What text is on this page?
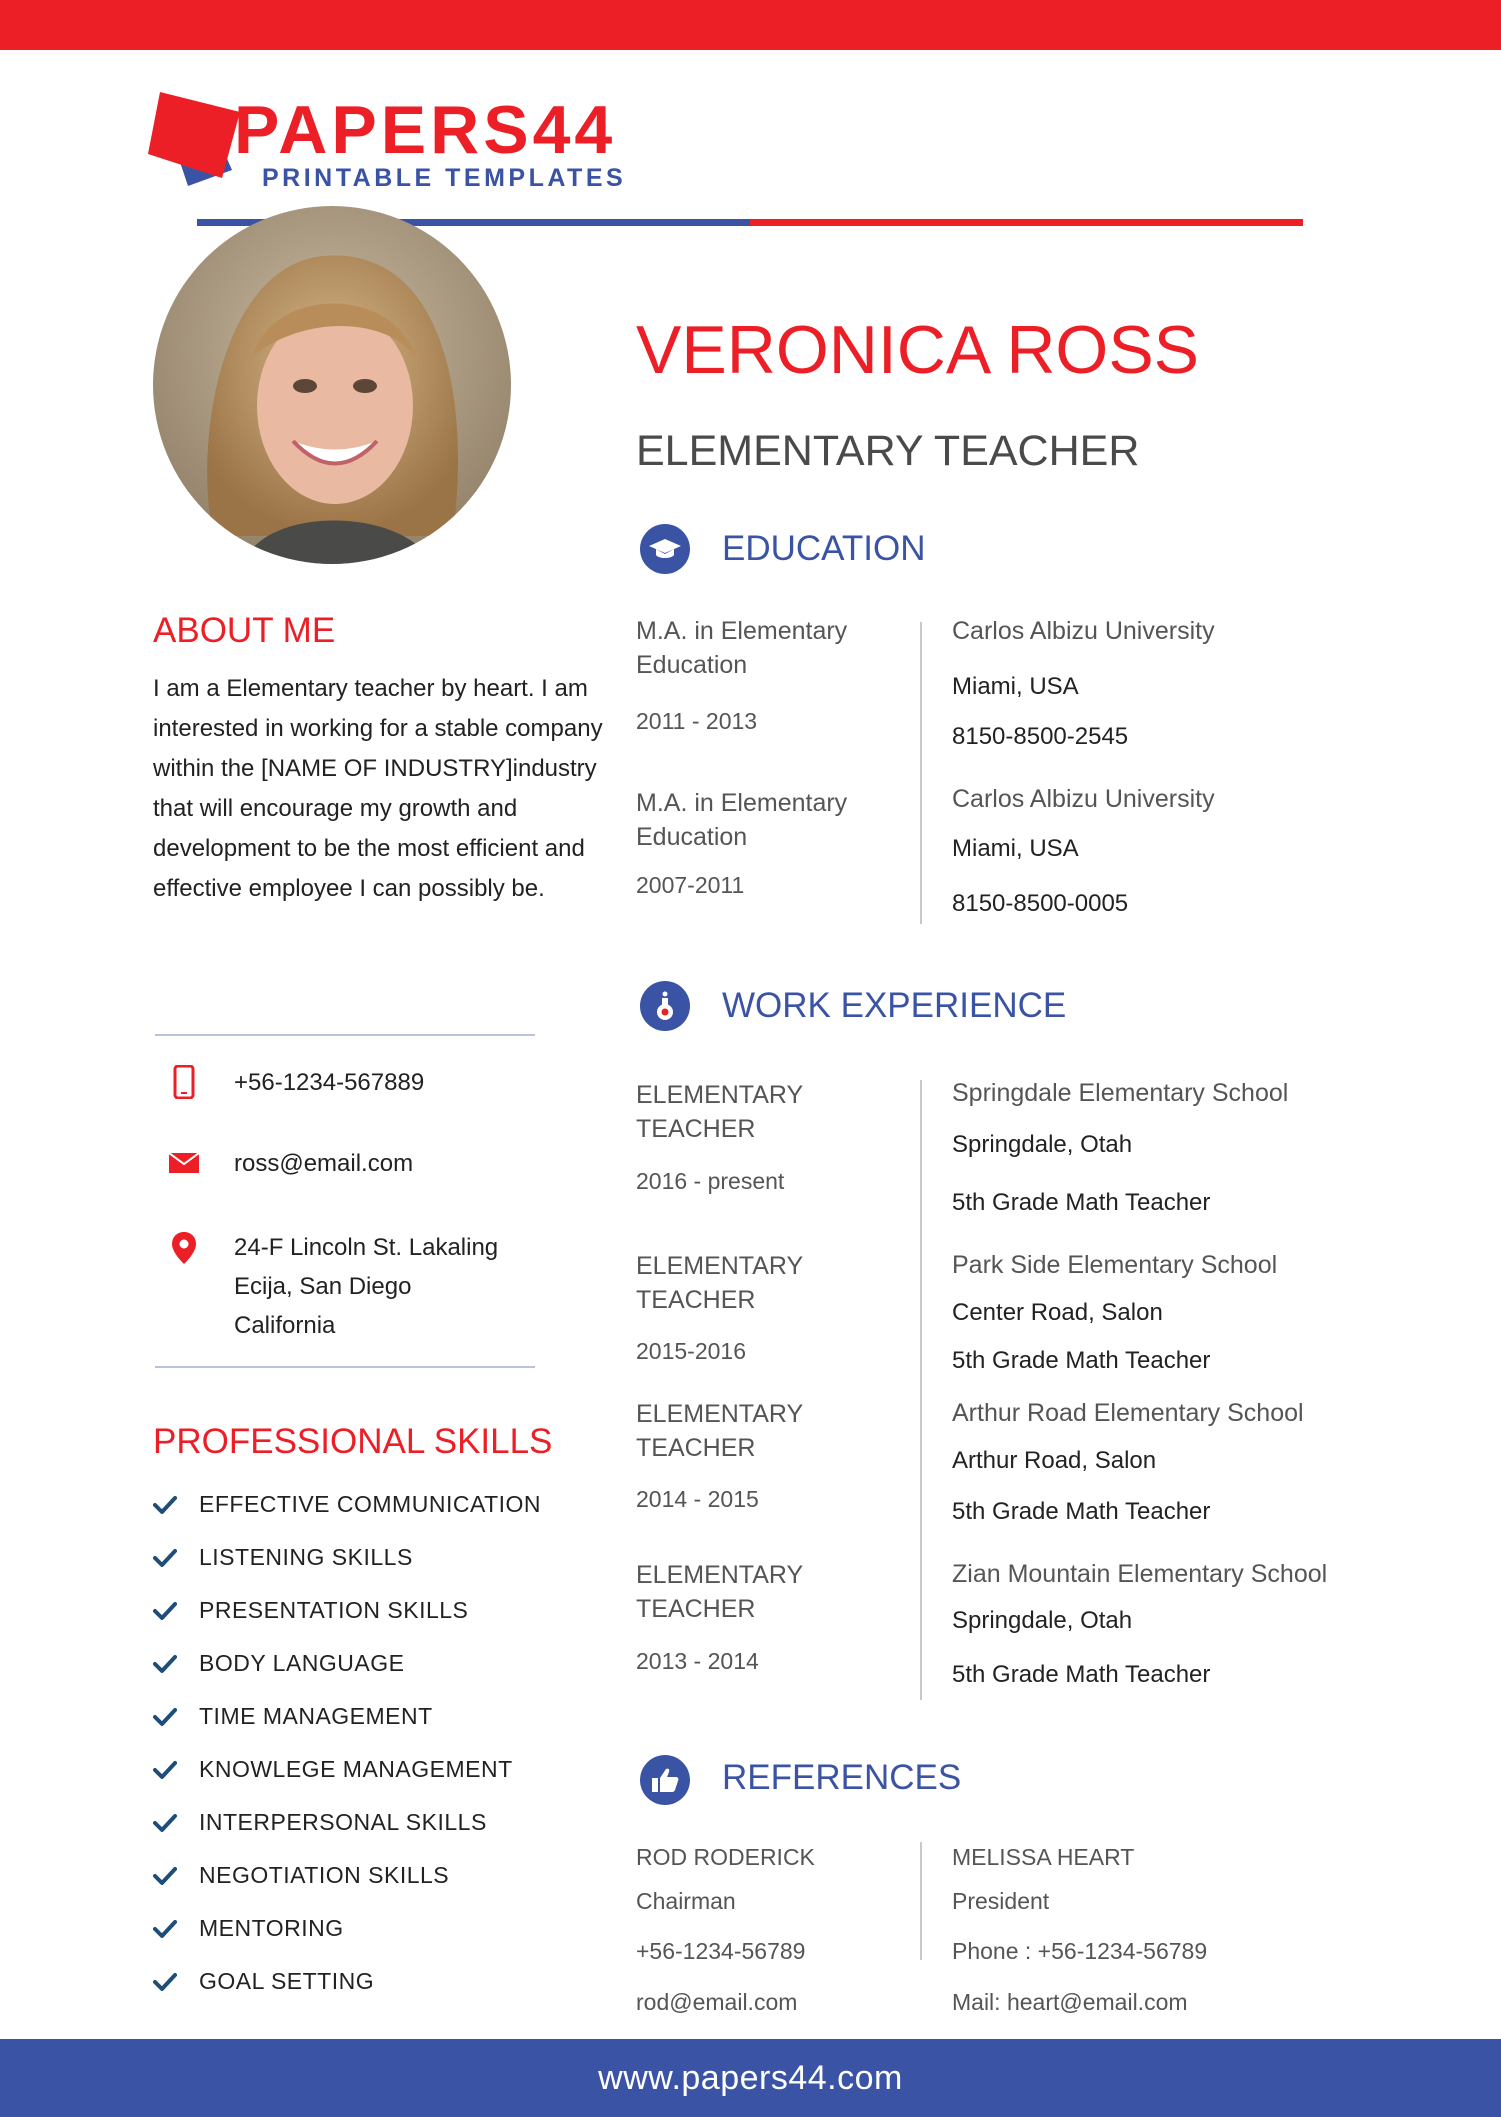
PAPERS44
PRINTABLE TEMPLATES
VERONICA ROSS
ELEMENTARY TEACHER
ABOUT ME
I am a Elementary teacher by heart. I am interested in working for a stable company within the [NAME OF INDUSTRY]industry that will encourage my growth and development to be the most efficient and effective employee I can possibly be.
+56-1234-567889
ross@email.com
24-F Lincoln St. Lakaling
Ecija, San Diego
California
PROFESSIONAL SKILLS
EFFECTIVE COMMUNICATION
LISTENING SKILLS
PRESENTATION SKILLS
BODY LANGUAGE
TIME MANAGEMENT
KNOWLEGE MANAGEMENT
INTERPERSONAL SKILLS
NEGOTIATION SKILLS
MENTORING
GOAL SETTING
EDUCATION
M.A. in Elementary
Education
2011 - 2013
Carlos Albizu University
Miami, USA
8150-8500-2545
M.A. in Elementary
Education
2007-2011
Carlos Albizu University
Miami, USA
8150-8500-0005
WORK EXPERIENCE
ELEMENTARY
TEACHER
2016 - present
Springdale Elementary School
Springdale, Otah
5th Grade Math Teacher
ELEMENTARY
TEACHER
2015-2016
Park Side Elementary School
Center Road, Salon
5th Grade Math Teacher
ELEMENTARY
TEACHER
2014 - 2015
Arthur Road Elementary School
Arthur Road, Salon
5th Grade Math Teacher
ELEMENTARY
TEACHER
2013 - 2014
Zian Mountain Elementary School
Springdale, Otah
5th Grade Math Teacher
REFERENCES
ROD RODERICK
Chairman
+56-1234-56789
rod@email.com
MELISSA HEART
President
Phone : +56-1234-56789
Mail: heart@email.com
www.papers44.com
